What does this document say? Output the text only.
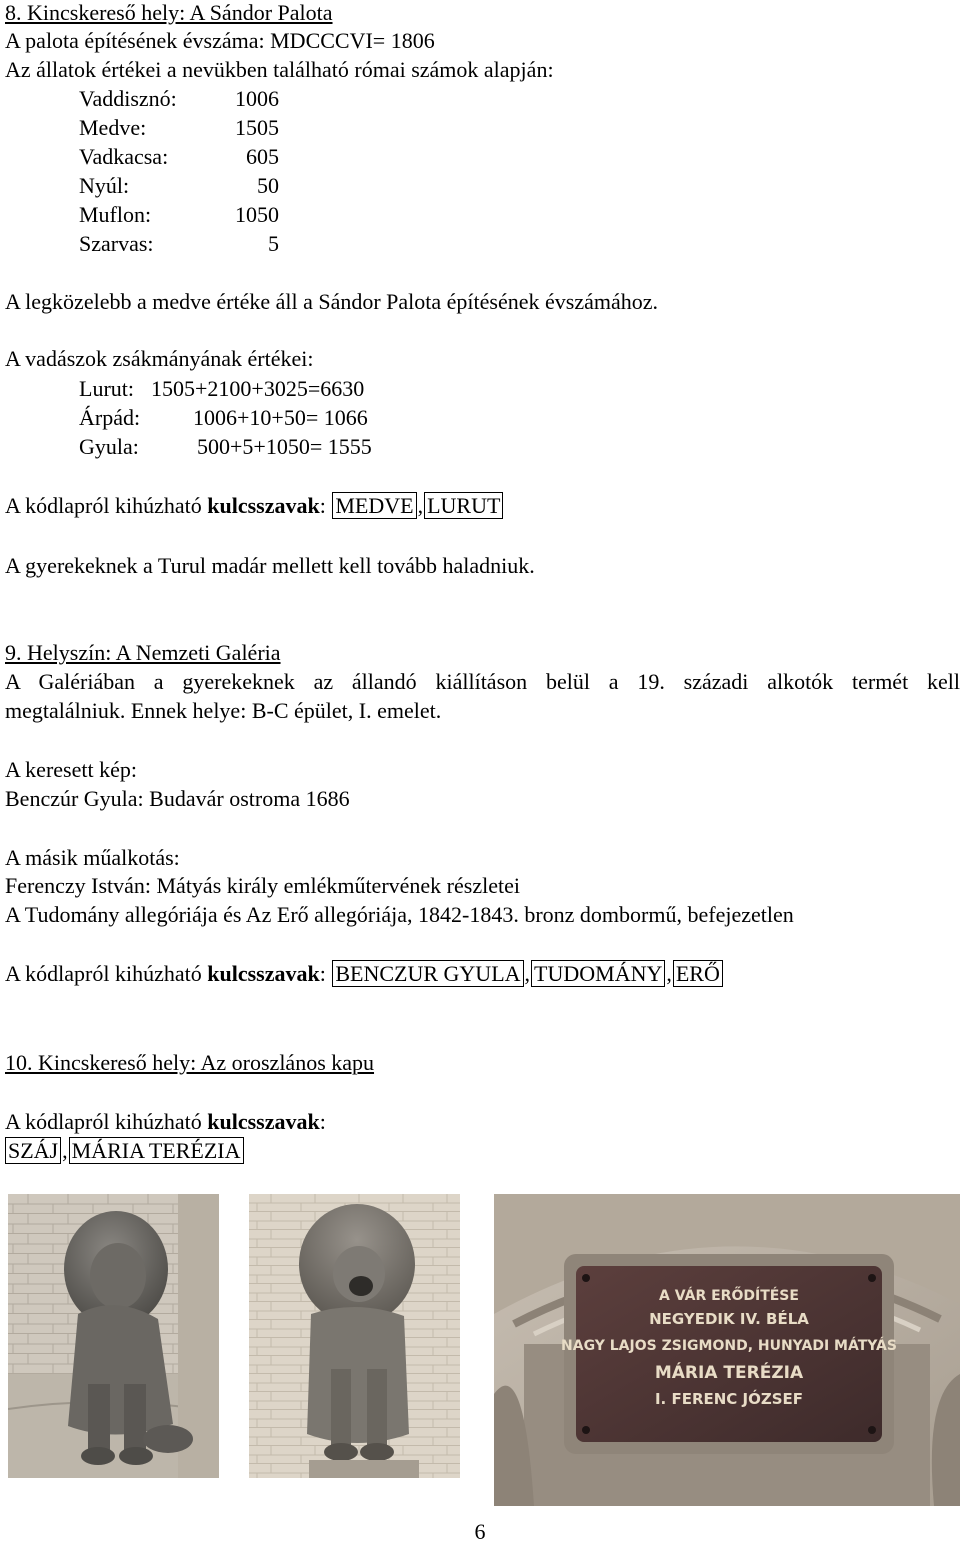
8. Kincskereső hely: A Sándor Palota
A palota építésének évszáma: MDCCCVI= 1806
Az állatok értékei a nevükben található római számok alapján:
Vaddisznó:	1006
Medve:	1505
Vadkacsa:	605
Nyúl:	50
Muflon:	1050
Szarvas:	5
A legközelebb a medve értéke áll a Sándor Palota építésének évszámához.
A vadászok zsákmányának értékei:
Lurut: 1505+2100+3025=6630
Árpád: 1006+10+50= 1066
Gyula:	500+5+1050= 1555
A kódlapról kihúzható kulcsszavak: MEDVE , LURUT
A gyerekeknek a Turul madár mellett kell tovább haladniuk.
9. Helyszín: A Nemzeti Galéria
A Galériában a gyerekeknek az állandó kiállításon belül a 19. századi alkotók termét kell
megtalálniuk. Ennek helye: B-C épület, I. emelet.
A keresett kép:
Benczúr Gyula: Budavár ostroma 1686
A másik műalkotás:
Ferenczy István: Mátyás király emlékműtervének részletei
A Tudomány allegóriája és Az Erő allegóriája, 1842-1843. bronz dombormű, befejezetlen
A kódlapról kihúzható kulcsszavak: BENCZUR GYULA , TUDOMÁNY , ERŐ
10. Kincskereső hely: Az oroszlános kapu
A kódlapról kihúzható kulcsszavak:
SZÁJ , MÁRIA TERÉZIA
A VÁR ERŐDÍTÉSE
NEGYEDIK IV. BÉLA
NAGY LAJOS ZSIGMOND, HUNYADI MÁTYÁS
MÁRIA TERÉZIA
I. FERENC JÓZSEF
6
